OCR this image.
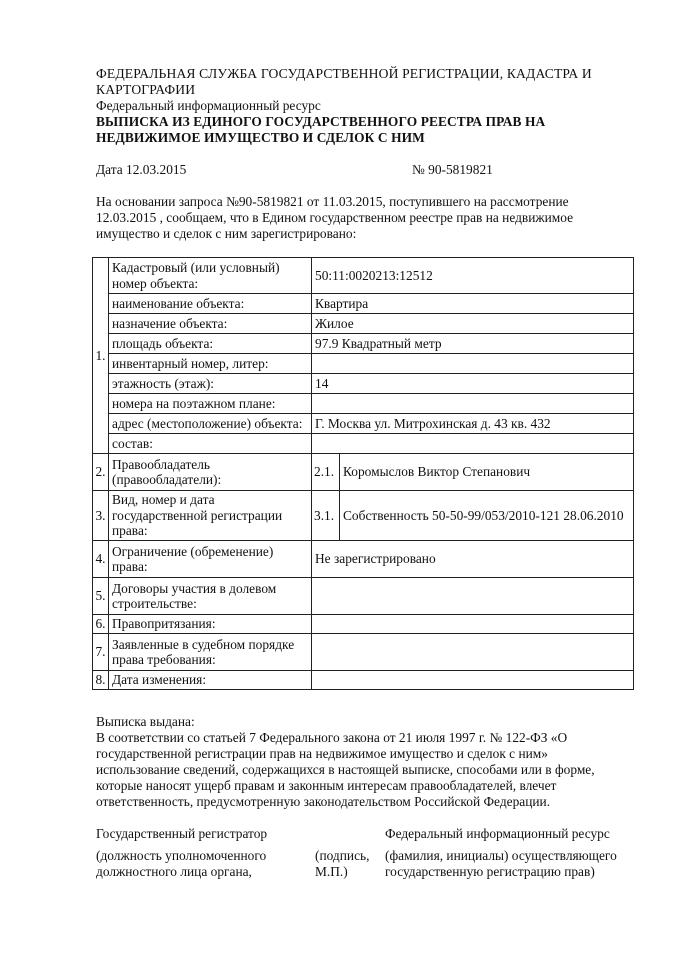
ФЕДЕРАЛЬНАЯ СЛУЖБА ГОСУДАРСТВЕННОЙ РЕГИСТРАЦИИ, КАДАСТРА И
КАРТОГРАФИИ
Федеральный информационный ресурс
ВЫПИСКА ИЗ ЕДИНОГО ГОСУДАРСТВЕННОГО РЕЕСТРА ПРАВ НА
НЕДВИЖИМОЕ ИМУЩЕСТВО И СДЕЛОК С НИМ
Дата 12.03.2015	№ 90-5819821
На основании запроса №90-5819821 от 11.03.2015, поступившего на рассмотрение
12.03.2015 , сообщаем, что в Едином государственном реестре прав на недвижимое
имущество и сделок с ним зарегистрировано:
1.	Кадастровый (или условный)
номер объекта:	50:11:0020213:12512	
	наименование объекта:	Квартира	
	назначение объекта:	Жилое	
	площадь объекта:	97.9 Квадратный метр	
	инвентарный номер, литер:		
	этажность (этаж):	14	
	номера на поэтажном плане:		
	адрес (местоположение) объекта:	Г. Москва ул. Митрохинская д. 43 кв. 432	
	состав:		
2.	Правообладатель
(правообладатели):	2.1.	Коромыслов Виктор Степанович
3.	Вид, номер и дата
государственной регистрации
права:	3.1.	Собственность 50-50-99/053/2010-121 28.06.2010
4.	Ограничение (обременение)
права:	Не зарегистрировано	
5.	Договоры участия в долевом
строительстве:		
6.	Правопритязания:		
7.	Заявленные в судебном порядке
права требования:		
8.	Дата изменения:		
Выписка выдана:
В соответствии со статьей 7 Федерального закона от 21 июля 1997 г. № 122-ФЗ «О
государственной регистрации прав на недвижимое имущество и сделок с ним»
использование сведений, содержащихся в настоящей выписке, способами или в форме,
которые наносят ущерб правам и законным интересам правообладателей, влечет
ответственность, предусмотренную законодательством Российской Федерации.
Государственный регистратор	Федеральный информационный ресурс
(должность уполномоченного
должностного лица органа,
(подпись,
М.П.)
(фамилия, инициалы) осуществляющего
государственную регистрацию прав)
